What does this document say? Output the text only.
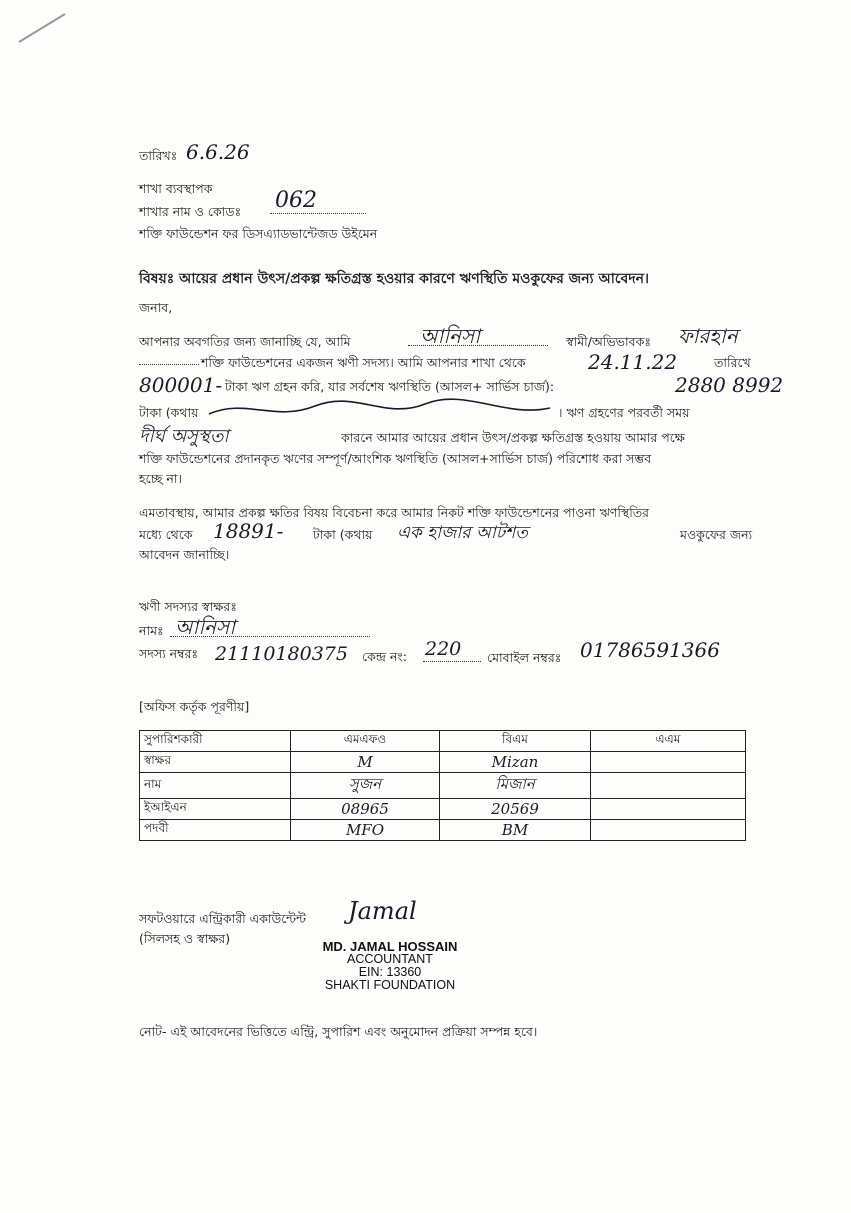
তারিখঃ 6.6.26
শাখা ব্যবস্থাপক
শাখার নাম ও কোডঃ 062
শক্তি ফাউন্ডেশন ফর ডিসএ্যাডভান্টেজড উইমেন
বিষয়ঃ আয়ের প্রধান উৎস/প্রকল্প ক্ষতিগ্রস্ত হওয়ার কারণে ঋণস্থিতি মওকুফের জন্য আবেদন।
জনাব,
আপনার অবগতির জন্য জানাচ্ছি যে, আমি	আনিসা	স্বামী/অভিভাবকঃ ফারহান
শক্তি ফাউন্ডেশনের একজন ঋণী সদস্য। আমি আপনার শাখা থেকে	24.11.22	তারিখে
800001- টাকা ঋণ গ্রহন করি, যার সর্বশেষ ঋণস্থিতি (আসল+ সার্ভিস চার্জ):	2880 8992
টাকা (কথায়	। ঋণ গ্রহণের পরবর্তী সময়
দীর্ঘ অসুস্থতা	কারনে আমার আয়ের প্রধান উৎস/প্রকল্প ক্ষতিগ্রস্ত হওয়ায় আমার পক্ষে
শক্তি ফাউন্ডেশনের প্রদানকৃত ঋণের সম্পূর্ণ/আংশিক ঋণস্থিতি (আসল+সার্ভিস চার্জ) পরিশোধ করা সম্ভব
হচ্ছে না।
এমতাবস্থায়, আমার প্রকল্প ক্ষতির বিষয় বিবেচনা করে আমার নিকট শক্তি ফাউন্ডেশনের পাওনা ঋণস্থিতির
মধ্যে থেকে 18891- টাকা (কথায় এক হাজার আটশত	মওকুফের জন্য
আবেদন জানাচ্ছি।
ঋণী সদস্যর স্বাক্ষরঃ
নামঃ আনিসা
সদস্য নম্বরঃ 21110180375 কেন্দ্র নং: 220 মোবাইল নম্বরঃ 01786591366
[অফিস কর্তৃক পূরণীয়]
সুপারিশকারী	এমএফও	বিএম	এএম
স্বাক্ষর	M	Mizan	
নাম	সুজন	মিজান	
ইআইএন	08965	20569	
পদবী	MFO	BM	
সফটওয়ারে এন্ট্রিকারী একাউন্টেন্ট
(সিলসহ ও স্বাক্ষর)
Jamal
MD. JAMAL HOSSAIN
ACCOUNTANT
EIN: 13360
SHAKTI FOUNDATION
নোট- এই আবেদনের ভিত্তিতে এন্ট্রি, সুপারিশ এবং অনুমোদন প্রক্রিয়া সম্পন্ন হবে।
